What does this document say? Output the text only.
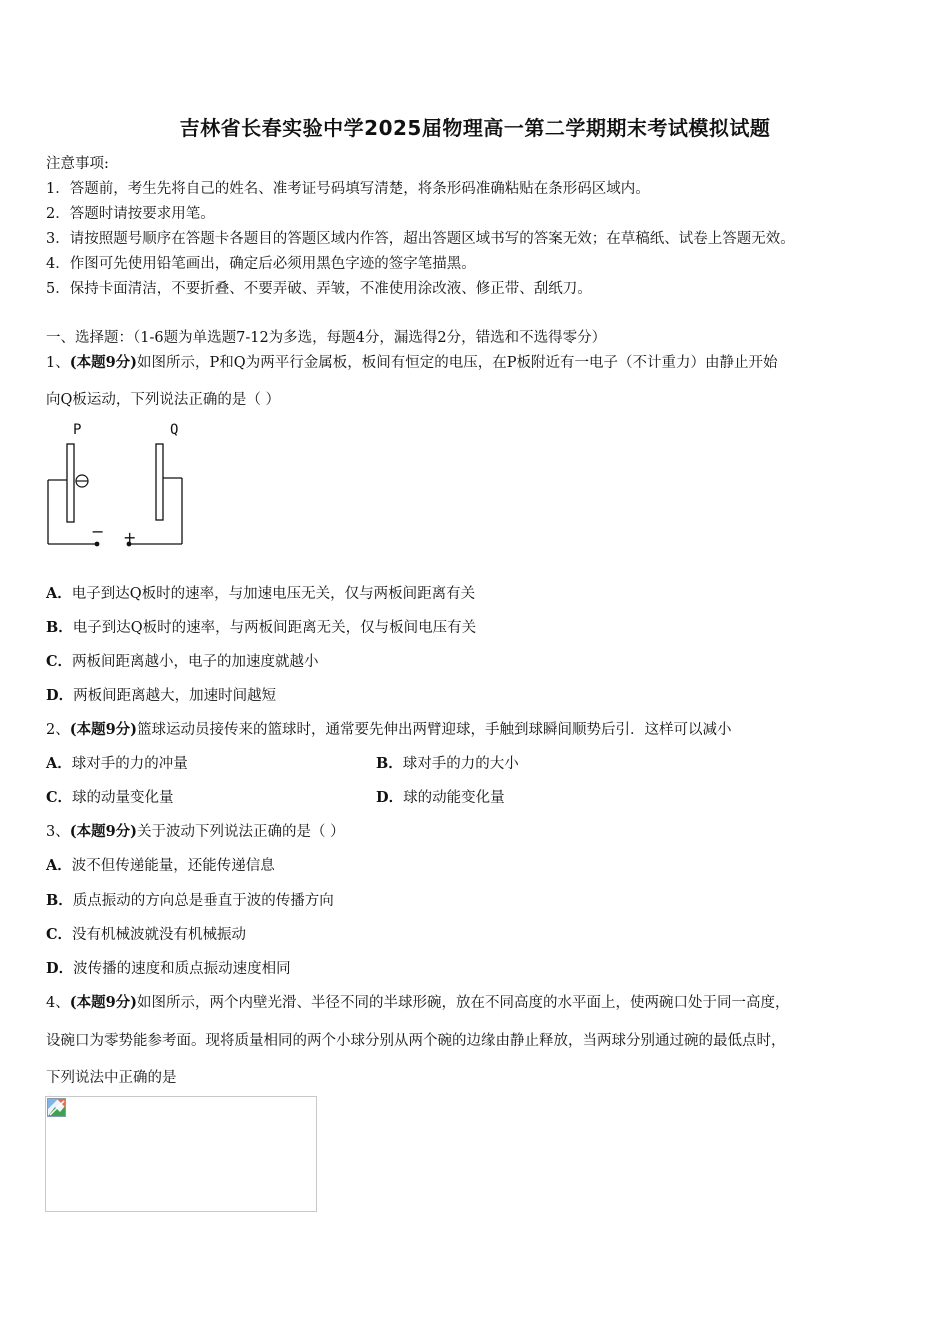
吉林省长春实验中学2025届物理高一第二学期期末考试模拟试题
注意事项:
1．答题前，考生先将自己的姓名、准考证号码填写清楚，将条形码准确粘贴在条形码区域内。
2．答题时请按要求用笔。
3．请按照题号顺序在答题卡各题目的答题区域内作答，超出答题区域书写的答案无效；在草稿纸、试卷上答题无效。
4．作图可先使用铅笔画出，确定后必须用黑色字迹的签字笔描黑。
5．保持卡面清洁，不要折叠、不要弄破、弄皱，不准使用涂改液、修正带、刮纸刀。
一、选择题：（1-6题为单选题7-12为多选，每题4分，漏选得2分，错选和不选得零分）
1、(本题9分)如图所示，P和Q为两平行金属板，板间有恒定的电压，在P板附近有一电子（不计重力）由静止开始
向Q板运动，下列说法正确的是（ ）
P	Q
− +
A．电子到达Q板时的速率，与加速电压无关，仅与两板间距离有关
B．电子到达Q板时的速率，与两板间距离无关，仅与板间电压有关
C．两板间距离越小，电子的加速度就越小
D．两板间距离越大，加速时间越短
2、(本题9分)篮球运动员接传来的篮球时，通常要先伸出两臂迎球，手触到球瞬间顺势后引．这样可以减小
A．球对手的力的冲量	B．球对手的力的大小
C．球的动量变化量	D．球的动能变化量
3、(本题9分)关于波动下列说法正确的是（ ）
A．波不但传递能量，还能传递信息
B．质点振动的方向总是垂直于波的传播方向
C．没有机械波就没有机械振动
D．波传播的速度和质点振动速度相同
4、(本题9分)如图所示，两个内壁光滑、半径不同的半球形碗，放在不同高度的水平面上，使两碗口处于同一高度，
设碗口为零势能参考面。现将质量相同的两个小球分别从两个碗的边缘由静止释放，当两球分别通过碗的最低点时，
下列说法中正确的是
